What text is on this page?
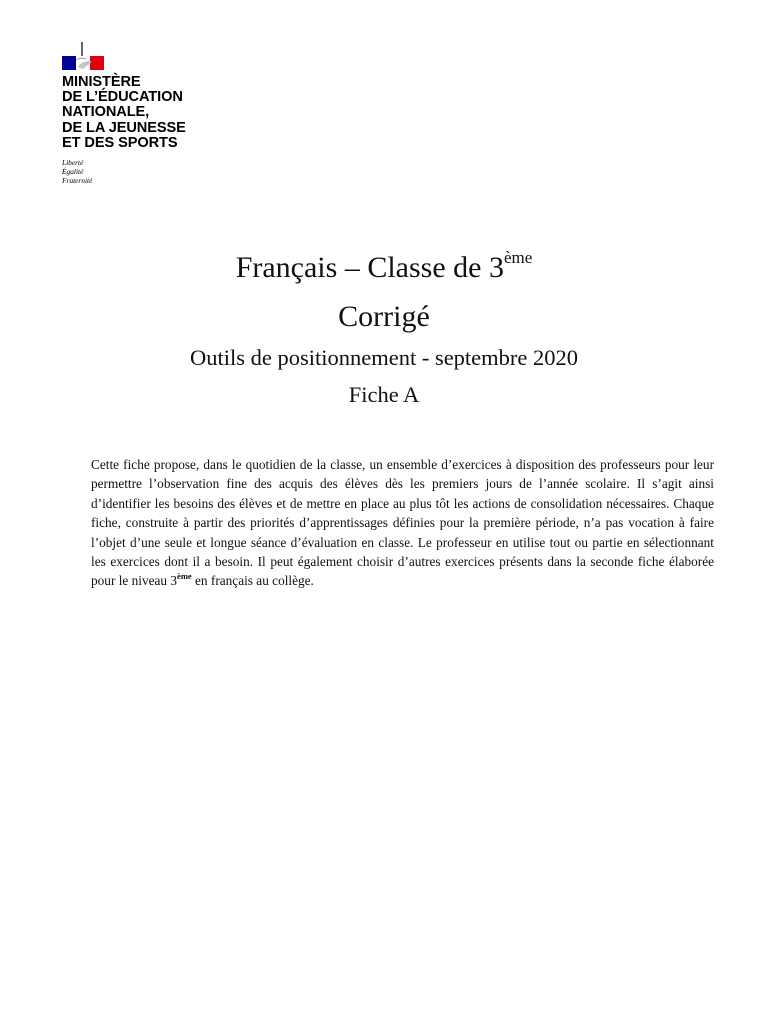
MINISTÈRE
DE L’ÉDUCATION
NATIONALE,
DE LA JEUNESSE
ET DES SPORTS
Liberté
Égalité
Fraternité
Français – Classe de 3ème
Corrigé
Outils de positionnement - septembre 2020
Fiche A
Cette fiche propose, dans le quotidien de la classe, un ensemble d’exercices à disposition des professeurs pour leur permettre l’observation fine des acquis des élèves dès les premiers jours de l’année scolaire. Il s’agit ainsi d’identifier les besoins des élèves et de mettre en place au plus tôt les actions de consolidation nécessaires. Chaque fiche, construite à partir des priorités d’apprentissages définies pour la première période, n’a pas vocation à faire l’objet d’une seule et longue séance d’évaluation en classe. Le professeur en utilise tout ou partie en sélectionnant les exercices dont il a besoin. Il peut également choisir d’autres exercices présents dans la seconde fiche élaborée pour le niveau 3ème en français au collège.
